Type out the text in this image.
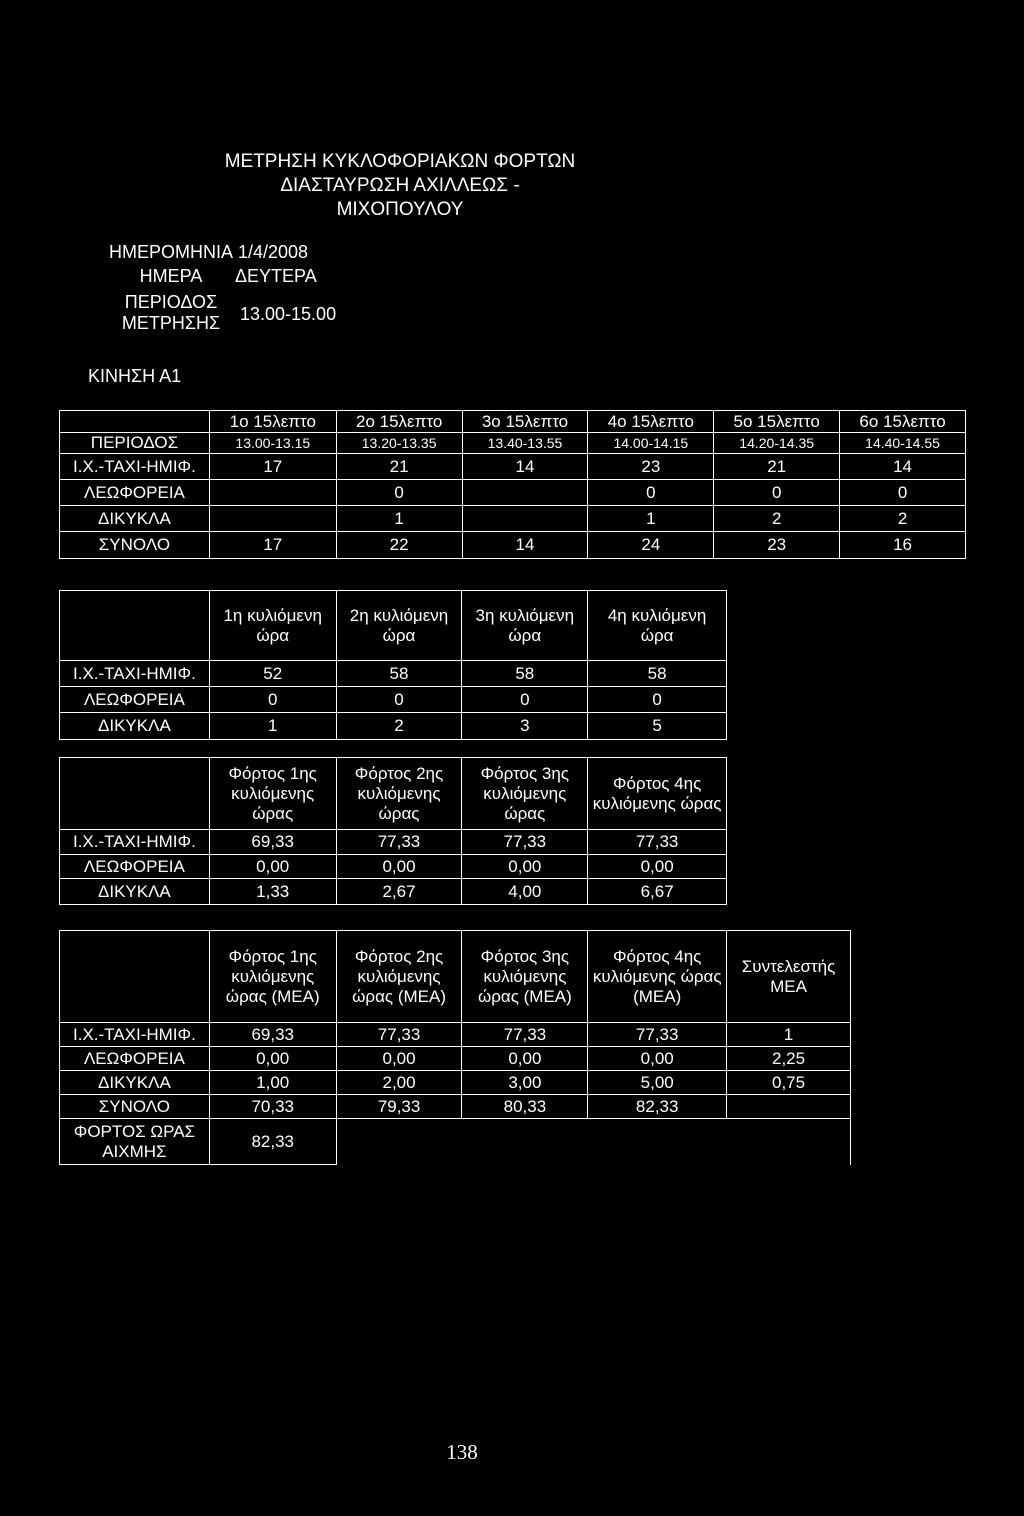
ΜΕΤΡΗΣΗ ΚΥΚΛΟΦΟΡΙΑΚΩΝ ΦΟΡΤΩΝ
ΔΙΑΣΤΑΥΡΩΣΗ ΑΧΙΛΛΕΩΣ -
ΜΙΧΟΠΟΥΛΟΥ
ΗΜΕΡΟΜΗΝΙΑ 1/4/2008
ΗΜΕΡΑ	ΔΕΥΤΕΡΑ
ΠΕΡΙΟΔΟΣ
ΜΕΤΡΗΣΗΣ	13.00-15.00
ΚΙΝΗΣΗ Α1
	1ο 15λεπτο	2ο 15λεπτο	3ο 15λεπτο	4ο 15λεπτο	5ο 15λεπτο	6ο 15λεπτο
ΠΕΡΙΟΔΟΣ	13.00-13.15	13.20-13.35	13.40-13.55	14.00-14.15	14.20-14.35	14.40-14.55
Ι.Χ.-ΤΑΧΙ-ΗΜΙΦ.	17	21	14	23	21	14
ΛΕΩΦΟΡΕΙΑ		0		0	0	0
ΔΙΚΥΚΛΑ		1		1	2	2
ΣΥΝΟΛΟ	17	22	14	24	23	16
	1η κυλιόμενη ώρα	2η κυλιόμενη ώρα	3η κυλιόμενη ώρα	4η κυλιόμενη ώρα
Ι.Χ.-ΤΑΧΙ-ΗΜΙΦ.	52	58	58	58
ΛΕΩΦΟΡΕΙΑ	0	0	0	0
ΔΙΚΥΚΛΑ	1	2	3	5
	Φόρτος 1ης κυλιόμενης ώρας	Φόρτος 2ης κυλιόμενης ώρας	Φόρτος 3ης κυλιόμενης ώρας	Φόρτος 4ης κυλιόμενης ώρας
Ι.Χ.-ΤΑΧΙ-ΗΜΙΦ.	69,33	77,33	77,33	77,33
ΛΕΩΦΟΡΕΙΑ	0,00	0,00	0,00	0,00
ΔΙΚΥΚΛΑ	1,33	2,67	4,00	6,67
	Φόρτος 1ης κυλιόμενης ώρας (ΜΕΑ)	Φόρτος 2ης κυλιόμενης ώρας (ΜΕΑ)	Φόρτος 3ης κυλιόμενης ώρας (ΜΕΑ)	Φόρτος 4ης κυλιόμενης ώρας (ΜΕΑ)	Συντελεστής ΜΕΑ
Ι.Χ.-ΤΑΧΙ-ΗΜΙΦ.	69,33	77,33	77,33	77,33	1
ΛΕΩΦΟΡΕΙΑ	0,00	0,00	0,00	0,00	2,25
ΔΙΚΥΚΛΑ	1,00	2,00	3,00	5,00	0,75
ΣΥΝΟΛΟ	70,33	79,33	80,33	82,33	
ΦΟΡΤΟΣ ΩΡΑΣ ΑΙΧΜΗΣ	82,33				
138
